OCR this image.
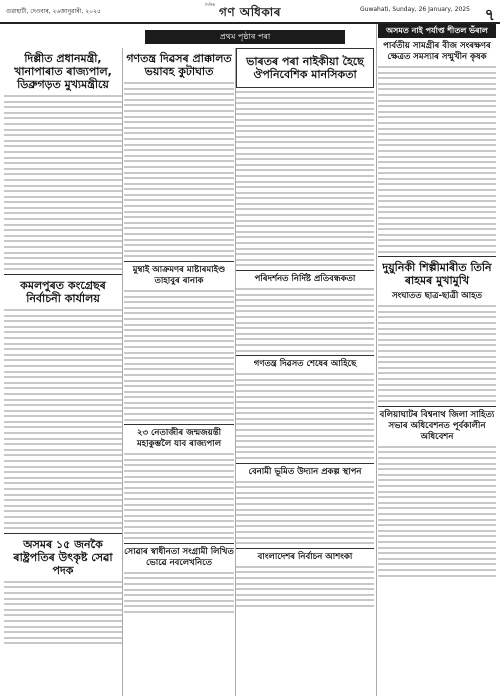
গুৱাহাটী, দেওবাৰ, ২৬জানুৱাৰী, ২০২৫
দৈনিক
গণ অধিকাৰ	Guwahati, Sunday, 26 January, 2025 ৭
প্ৰথম পৃষ্ঠাৰ পৰা
দিল্লীত প্ৰধানমন্ত্ৰী, খানাপাৰাত ৰাজ্যপাল, ডিব্ৰুগড়ত মুখ্যমন্ত্ৰীয়ে
কমলপুৰত কংগ্ৰেছৰ নিৰ্বাচনী কাৰ্যালয়
অসমৰ ১৫ জনকৈ ৰাষ্ট্ৰপতিৰ উৎকৃষ্ট সেৱা পদক
গণতন্ত্ৰ দিৱসৰ প্ৰাক্কালত ভয়াবহ কুটাঘাত
মুম্বাই আক্ৰমণৰ মাষ্টাৰমাইণ্ড তাহাবুৰ ৰানাক
২৩ নেতাজীৰ জন্মজয়ন্তী মহাকুম্ভলৈ যাব ৰাজ্যপাল
সোৱাৰ স্বাধীনতা সংগ্ৰামী লিখিত ভোৱে নবলেখনিতে
ভাৰতৰ পৰা নাইকীয়া হৈছে ঔপনিবেশিক মানসিকতা
পৰিদৰ্শনত নিৰ্দিষ্ট প্ৰতিবন্ধকতা
গণতন্ত্ৰ দিৱসত শেষেৰ আহিছে
বেনামী ভূমিত উদ্যান প্ৰকল্প স্থাপন
বাংলাদেশৰ নিৰ্বাচন আশংকা
অসমত নাই পৰ্যাপ্ত শীতল ভঁৰাল
পাৰ্বতীয় সামগ্ৰীৰ বীজ সংৰক্ষণৰ ক্ষেত্ৰত সমস্যাৰ সন্মুখীন কৃষক
দুয়ুনিকী শিল্পীমাৰীত তিনি ৰাহমৰ মুখামুখি
সংঘাতত ছাত্ৰ-ছাত্ৰী আহত
বলিয়াঘাটৰ বিশ্বনাথ জিলা সাহিত্য সভাৰ অধিবেশনত পূৰ্বকালীন অধিবেশন
